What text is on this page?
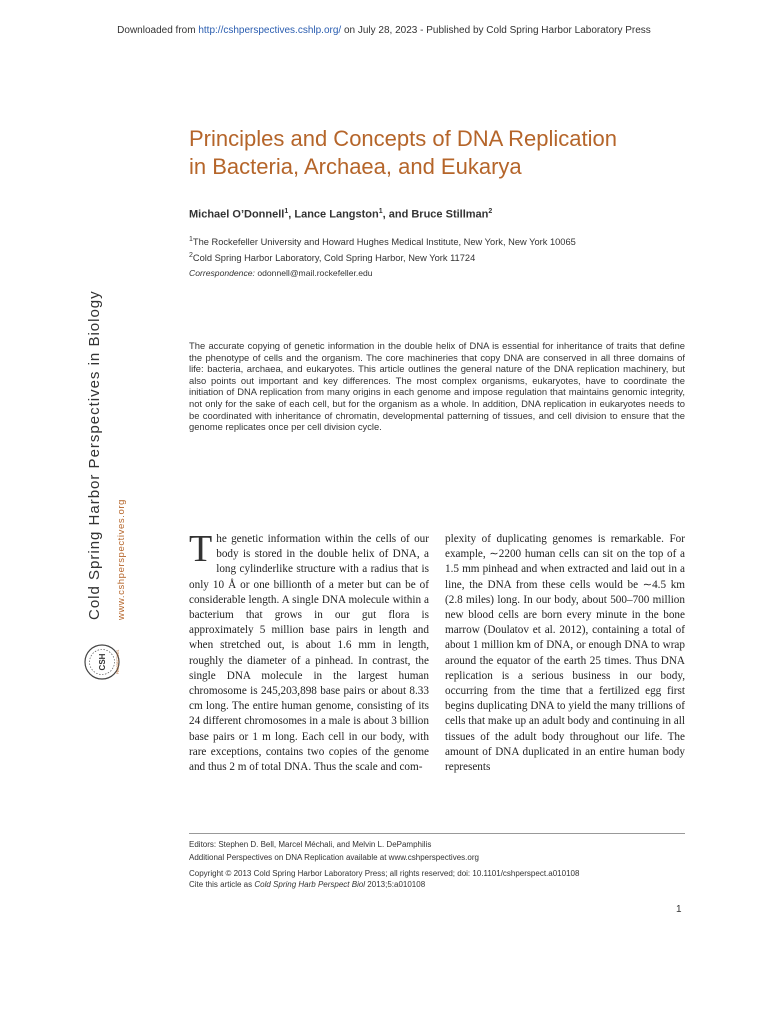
Downloaded from http://cshperspectives.cshlp.org/ on July 28, 2023 - Published by Cold Spring Harbor Laboratory Press
Principles and Concepts of DNA Replication
in Bacteria, Archaea, and Eukarya

Michael O’Donnell$^1$, Lance Langston$^1$, and Bruce Stillman$^2$

$^1$The Rockefeller University and Howard Hughes Medical Institute, New York, New York 10065

$^2$Cold Spring Harbor Laboratory, Cold Spring Harbor, New York 11724

Correspondence: odonnell@mail.rockefeller.edu

Cold Spring Harbor Perspectives in Biology www.cshperspectives.org
CSH	PERSPECTIVES

The accurate copying of genetic information in the double helix of DNA is essential for inheritance of traits that define the phenotype of cells and the organism. The core machineries that copy DNA are conserved in all three domains of life: bacteria, archaea, and eukaryotes. This article outlines the general nature of the DNA replication machinery, but also points out important and key differences. The most complex organisms, eukaryotes, have to coordinate the initiation of DNA replication from many origins in each genome and impose regulation that maintains genomic integrity, not only for the sake of each cell, but for the organism as a whole. In addition, DNA replication in eukaryotes needs to be coordinated with inheritance of chromatin, developmental patterning of tissues, and cell division to ensure that the genome replicates once per cell division cycle.

The genetic information within the cells of our body is stored in the double helix of DNA, a long cylinderlike structure with a radius that is only 10 Å or one billionth of a meter but can be of considerable length. A single DNA molecule within a bacterium that grows in our gut flora is approximately 5 million base pairs in length and when stretched out, is about 1.6 mm in length, roughly the diameter of a pinhead. In contrast, the single DNA molecule in the largest human chromosome is 245,203,898 base pairs or about 8.33 cm long. The entire human genome, consisting of its 24 different chromosomes in a male is about 3 billion base pairs or 1 m long. Each cell in our body, with rare exceptions, contains two copies of the genome and thus 2 m of total DNA. Thus the scale and com-
plexity of duplicating genomes is remarkable. For example, ∼2200 human cells can sit on the top of a 1.5 mm pinhead and when extracted and laid out in a line, the DNA from these cells would be ∼4.5 km (2.8 miles) long. In our body, about 500–700 million new blood cells are born every minute in the bone marrow (Doulatov et al. 2012), containing a total of about 1 million km of DNA, or enough DNA to wrap around the equator of the earth 25 times. Thus DNA replication is a serious business in our body, occurring from the time that a fertilized egg first begins duplicating DNA to yield the many trillions of cells that make up an adult body and continuing in all tissues of the adult body throughout our life. The amount of DNA duplicated in an entire human body represents

Editors: Stephen D. Bell, Marcel Méchali, and Melvin L. DePamphilis

Additional Perspectives on DNA Replication available at www.cshperspectives.org

Copyright © 2013 Cold Spring Harbor Laboratory Press; all rights reserved; doi: 10.1101/cshperspect.a010108

Cite this article as Cold Spring Harb Perspect Biol 2013;5:a010108

1
